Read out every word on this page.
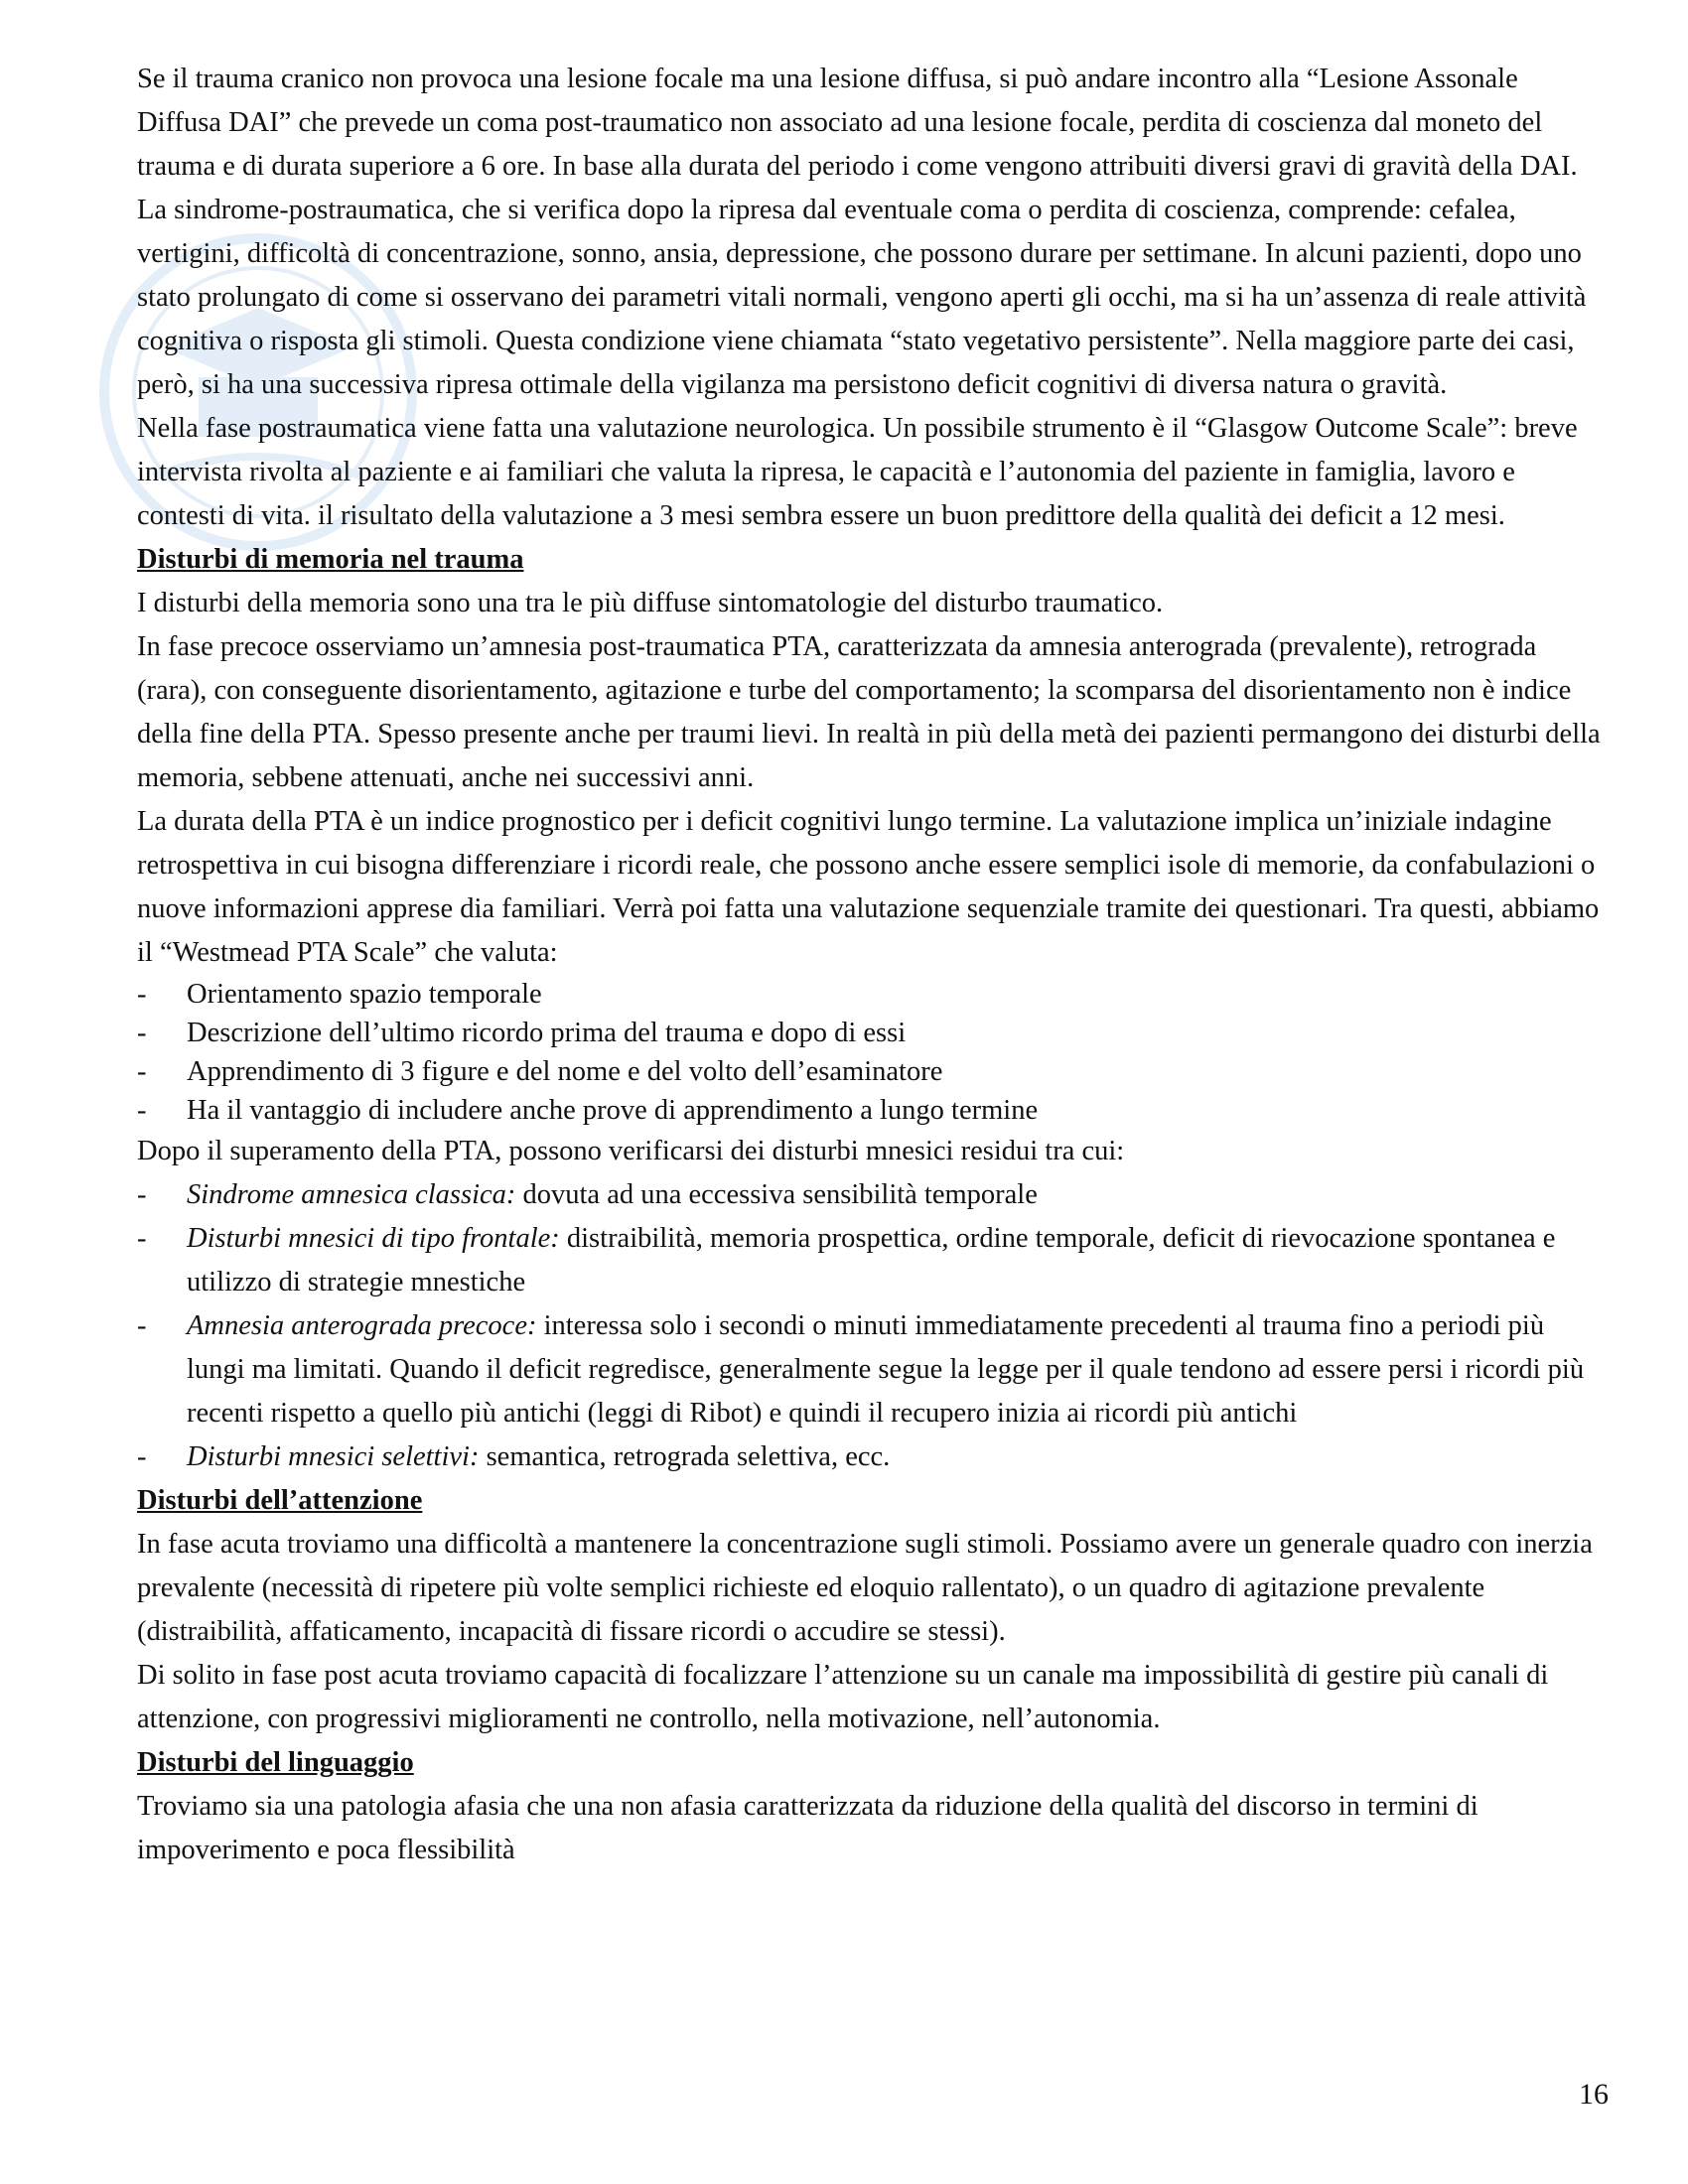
Se il trauma cranico non provoca una lesione focale ma una lesione diffusa, si può andare incontro alla “Lesione Assonale Diffusa DAI” che prevede un coma post-traumatico non associato ad una lesione focale, perdita di coscienza dal moneto del trauma e di durata superiore a 6 ore. In base alla durata del periodo i come vengono attribuiti diversi gravi di gravità della DAI.

La sindrome-postraumatica, che si verifica dopo la ripresa dal eventuale coma o perdita di coscienza, comprende: cefalea, vertigini, difficoltà di concentrazione, sonno, ansia, depressione, che possono durare per settimane. In alcuni pazienti, dopo uno stato prolungato di come si osservano dei parametri vitali normali, vengono aperti gli occhi, ma si ha un’assenza di reale attività cognitiva o risposta gli stimoli. Questa condizione viene chiamata “stato vegetativo persistente”. Nella maggiore parte dei casi, però, si ha una successiva ripresa ottimale della vigilanza ma persistono deficit cognitivi di diversa natura o gravità.

Nella fase postraumatica viene fatta una valutazione neurologica. Un possibile strumento è il “Glasgow Outcome Scale”: breve intervista rivolta al paziente e ai familiari che valuta la ripresa, le capacità e l’autonomia del paziente in famiglia, lavoro e contesti di vita. il risultato della valutazione a 3 mesi sembra essere un buon predittore della qualità dei deficit a 12 mesi.

Disturbi di memoria nel trauma

I disturbi della memoria sono una tra le più diffuse sintomatologie del disturbo traumatico.

In fase precoce osserviamo un’amnesia post-traumatica PTA, caratterizzata da amnesia anterograda (prevalente), retrograda (rara), con conseguente disorientamento, agitazione e turbe del comportamento; la scomparsa del disorientamento non è indice della fine della PTA. Spesso presente anche per traumi lievi. In realtà in più della metà dei pazienti permangono dei disturbi della memoria, sebbene attenuati, anche nei successivi anni.

La durata della PTA è un indice prognostico per i deficit cognitivi lungo termine. La valutazione implica un’iniziale indagine retrospettiva in cui bisogna differenziare i ricordi reale, che possono anche essere semplici isole di memorie, da confabulazioni o nuove informazioni apprese dia familiari. Verrà poi fatta una valutazione sequenziale tramite dei questionari. Tra questi, abbiamo il “Westmead PTA Scale” che valuta:

- Orientamento spazio temporale
- Descrizione dell’ultimo ricordo prima del trauma e dopo di essi
- Apprendimento di 3 figure e del nome e del volto dell’esaminatore
- Ha il vantaggio di includere anche prove di apprendimento a lungo termine

Dopo il superamento della PTA, possono verificarsi dei disturbi mnesici residui tra cui:

- Sindrome amnesica classica: dovuta ad una eccessiva sensibilità temporale
- Disturbi mnesici di tipo frontale: distraibilità, memoria prospettica, ordine temporale, deficit di rievocazione spontanea e utilizzo di strategie mnestiche
- Amnesia anterograda precoce: interessa solo i secondi o minuti immediatamente precedenti al trauma fino a periodi più lungi ma limitati. Quando il deficit regredisce, generalmente segue la legge per il quale tendono ad essere persi i ricordi più recenti rispetto a quello più antichi (leggi di Ribot) e quindi il recupero inizia ai ricordi più antichi
- Disturbi mnesici selettivi: semantica, retrograda selettiva, ecc.
Disturbi dell’attenzione

In fase acuta troviamo una difficoltà a mantenere la concentrazione sugli stimoli. Possiamo avere un generale quadro con inerzia prevalente (necessità di ripetere più volte semplici richieste ed eloquio rallentato), o un quadro di agitazione prevalente (distraibilità, affaticamento, incapacità di fissare ricordi o accudire se stessi).

Di solito in fase post acuta troviamo capacità di focalizzare l’attenzione su un canale ma impossibilità di gestire più canali di attenzione, con progressivi miglioramenti ne controllo, nella motivazione, nell’autonomia.

Disturbi del linguaggio

Troviamo sia una patologia afasia che una non afasia caratterizzata da riduzione della qualità del discorso in termini di impoverimento e poca flessibilità

16
